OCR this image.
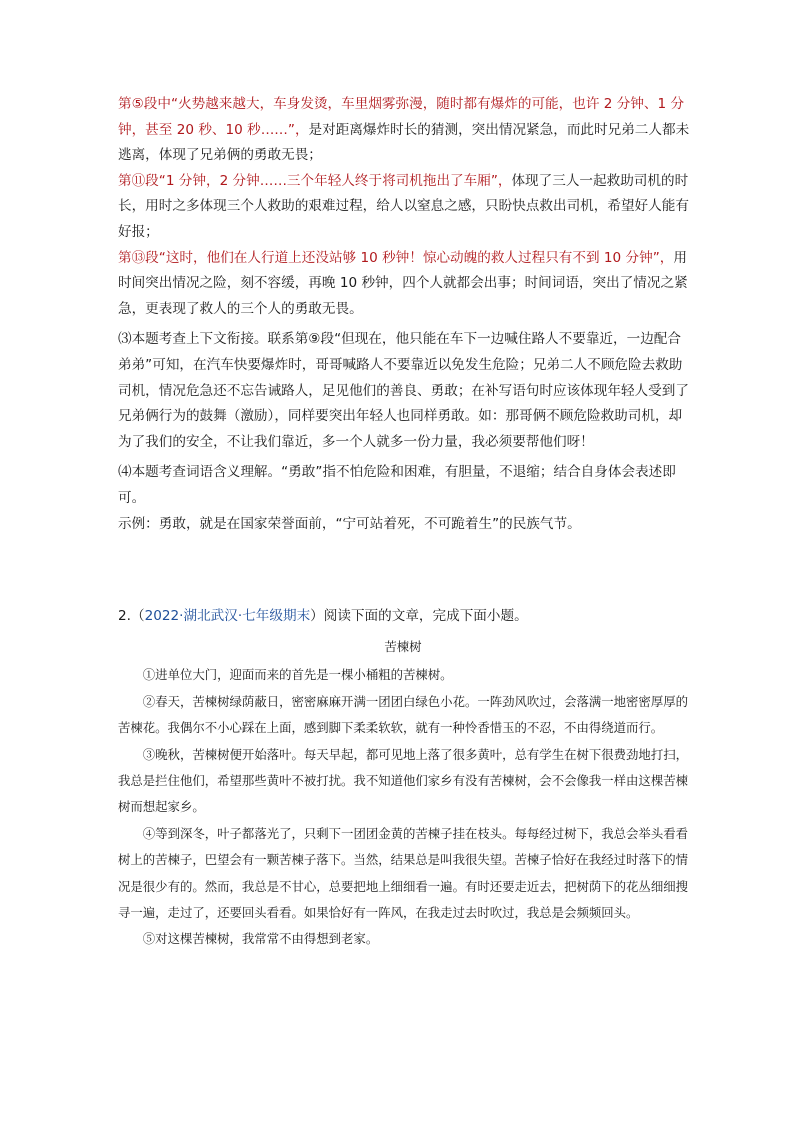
第⑤段中“火势越来越大，车身发烫，车里烟雾弥漫，随时都有爆炸的可能，也许 2 分钟、1 分钟，甚至 20 秒、10 秒……”，是对距离爆炸时长的猜测，突出情况紧急，而此时兄弟二人都未逃离，体现了兄弟俩的勇敢无畏；

第⑪段“1 分钟，2 分钟……三个年轻人终于将司机拖出了车厢”，体现了三人一起救助司机的时长，用时之多体现三个人救助的艰难过程，给人以窒息之感，只盼快点救出司机，希望好人能有好报；

第⑬段“这时，他们在人行道上还没站够 10 秒钟！惊心动魄的救人过程只有不到 10 分钟”，用时间突出情况之险，刻不容缓，再晚 10 秒钟，四个人就都会出事；时间词语，突出了情况之紧急，更表现了救人的三个人的勇敢无畏。

⑶本题考查上下文衔接。联系第⑨段“但现在，他只能在车下一边喊住路人不要靠近，一边配合弟弟”可知，在汽车快要爆炸时，哥哥喊路人不要靠近以免发生危险；兄弟二人不顾危险去救助司机，情况危急还不忘告诫路人，足见他们的善良、勇敢；在补写语句时应该体现年轻人受到了兄弟俩行为的鼓舞（激励），同样要突出年轻人也同样勇敢。如：那哥俩不顾危险救助司机，却为了我们的安全，不让我们靠近，多一个人就多一份力量，我必须要帮他们呀！

⑷本题考查词语含义理解。“勇敢”指不怕危险和困难，有胆量，不退缩；结合自身体会表述即可。

示例：勇敢，就是在国家荣誉面前，“宁可站着死，不可跪着生”的民族气节。

2.（2022·湖北武汉·七年级期末）阅读下面的文章，完成下面小题。
苦楝树

①进单位大门，迎面而来的首先是一棵小桶粗的苦楝树。

②春天，苦楝树绿荫蔽日，密密麻麻开满一团团白绿色小花。一阵劲风吹过，会落满一地密密厚厚的苦楝花。我偶尔不小心踩在上面，感到脚下柔柔软软，就有一种怜香惜玉的不忍，不由得绕道而行。

③晚秋，苦楝树便开始落叶。每天早起，都可见地上落了很多黄叶，总有学生在树下很费劲地打扫，我总是拦住他们，希望那些黄叶不被打扰。我不知道他们家乡有没有苦楝树，会不会像我一样由这棵苦楝树而想起家乡。

④等到深冬，叶子都落光了，只剩下一团团金黄的苦楝子挂在枝头。每每经过树下，我总会举头看看树上的苦楝子，巴望会有一颗苦楝子落下。当然，结果总是叫我很失望。苦楝子恰好在我经过时落下的情况是很少有的。然而，我总是不甘心，总要把地上细细看一遍。有时还要走近去，把树荫下的花丛细细搜寻一遍，走过了，还要回头看看。如果恰好有一阵风，在我走过去时吹过，我总是会频频回头。

⑤对这棵苦楝树，我常常不由得想到老家。
